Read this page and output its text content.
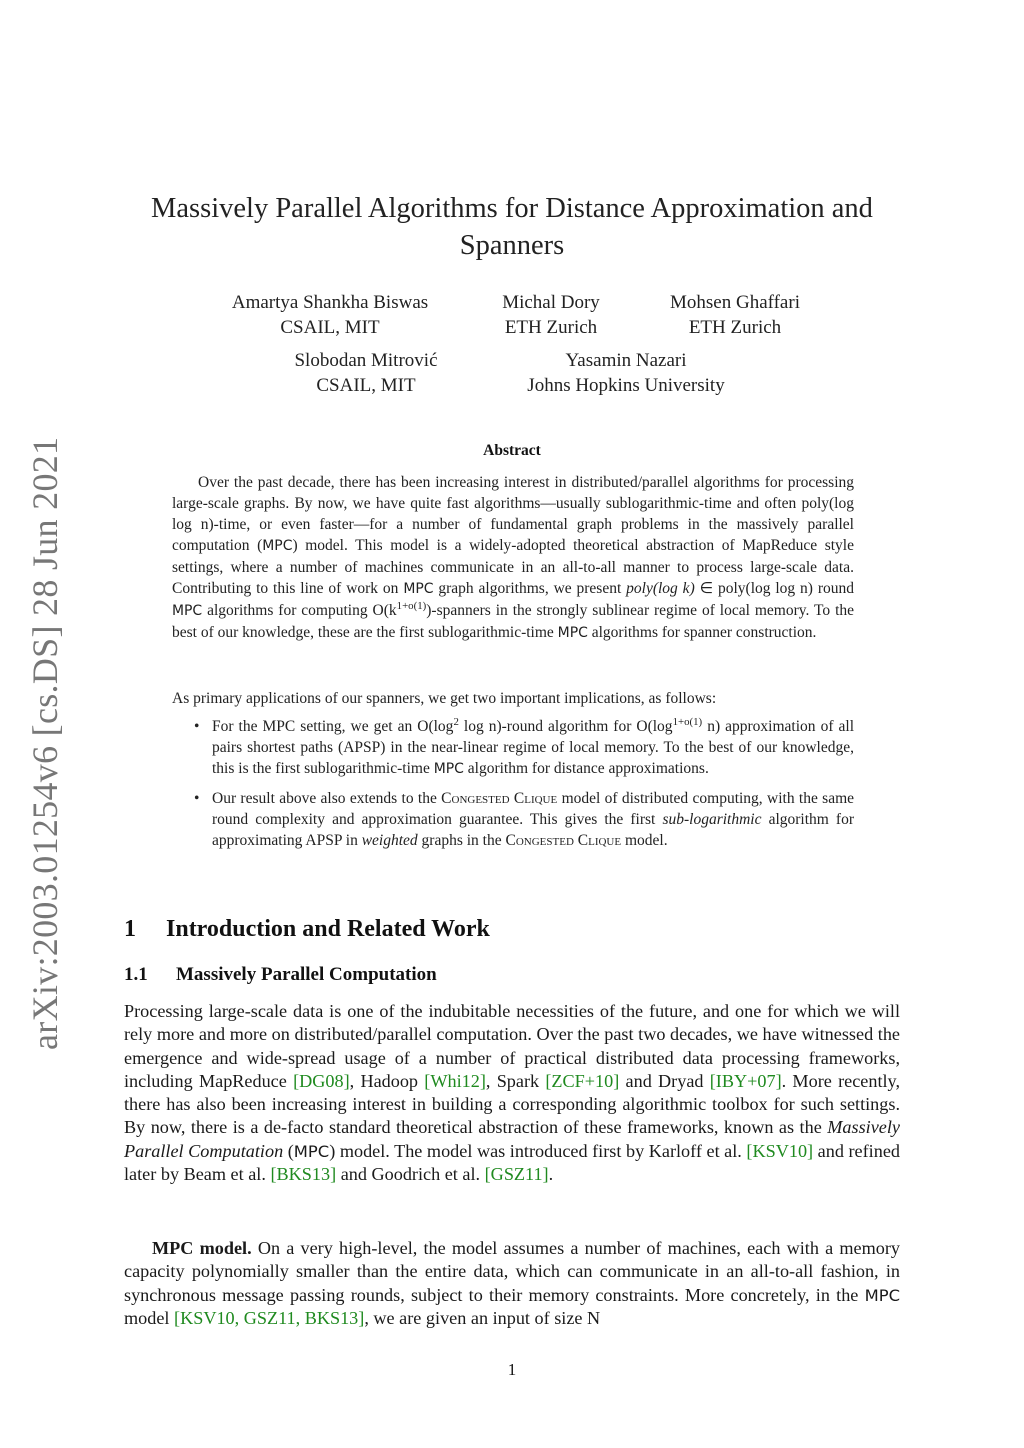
arXiv:2003.01254v6 [cs.DS] 28 Jun 2021
Massively Parallel Algorithms for Distance Approximation and Spanners
Amartya Shankha Biswas
CSAIL, MIT
Michal Dory
ETH Zurich
Mohsen Ghaffari
ETH Zurich
Slobodan Mitrović
CSAIL, MIT
Yasamin Nazari
Johns Hopkins University
Abstract

Over the past decade, there has been increasing interest in distributed/parallel algorithms for processing large-scale graphs. By now, we have quite fast algorithms—usually sublogarithmic-time and often poly(log log n)-time, or even faster—for a number of fundamental graph problems in the massively parallel computation (MPC) model. This model is a widely-adopted theoretical abstraction of MapReduce style settings, where a number of machines communicate in an all-to-all manner to process large-scale data. Contributing to this line of work on MPC graph algorithms, we present poly(log k) ∈ poly(log log n) round MPC algorithms for computing $O(k^{1+o(1)})$-spanners in the strongly sublinear regime of local memory. To the best of our knowledge, these are the first sublogarithmic-time MPC algorithms for spanner construction.

As primary applications of our spanners, we get two important implications, as follows:
• For the MPC setting, we get an $O(\log^2$ log n)-round algorithm for $O(\log^{1+o(1)}$ n) approximation of all pairs shortest paths (APSP) in the near-linear regime of local memory. To the best of our knowledge, this is the first sublogarithmic-time MPC algorithm for distance approximations.
• Our result above also extends to the Congested Clique model of distributed computing, with the same round complexity and approximation guarantee. This gives the first sub-logarithmic algorithm for approximating APSP in weighted graphs in the Congested Clique model.
1 Introduction and Related Work
1.1 Massively Parallel Computation

Processing large-scale data is one of the indubitable necessities of the future, and one for which we will rely more and more on distributed/parallel computation. Over the past two decades, we have witnessed the emergence and wide-spread usage of a number of practical distributed data processing frameworks, including MapReduce [DG08], Hadoop [Whi12], Spark [ZCF+10] and Dryad [IBY+07]. More recently, there has also been increasing interest in building a corresponding algorithmic toolbox for such settings. By now, there is a de-facto standard theoretical abstraction of these frameworks, known as the Massively Parallel Computation (MPC) model. The model was introduced first by Karloff et al. [KSV10] and refined later by Beam et al. [BKS13] and Goodrich et al. [GSZ11].

MPC model. On a very high-level, the model assumes a number of machines, each with a memory capacity polynomially smaller than the entire data, which can communicate in an all-to-all fashion, in synchronous message passing rounds, subject to their memory constraints. More concretely, in the MPC model [KSV10, GSZ11, BKS13], we are given an input of size N

1
